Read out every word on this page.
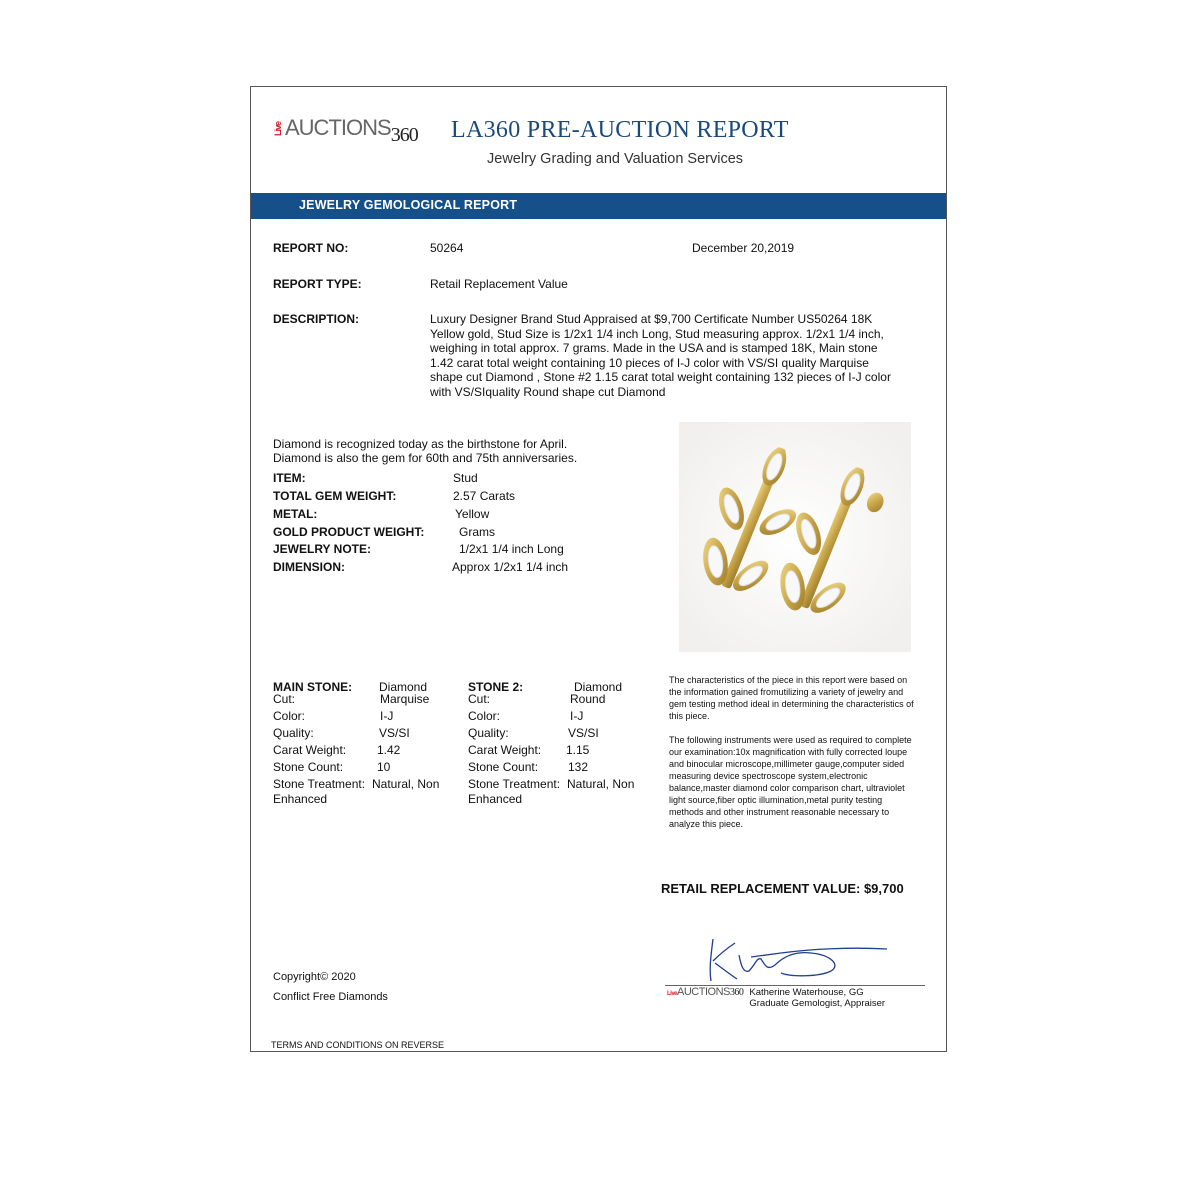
LiveAUCTIONS360 LA360 PRE-AUCTION REPORT
Jewelry Grading and Valuation Services
JEWELRY GEMOLOGICAL REPORT
REPORT NO:	50264	December 20,2019
REPORT TYPE:	Retail Replacement Value
DESCRIPTION:	Luxury Designer Brand Stud Appraised at $9,700 Certificate Number US50264 18K Yellow gold, Stud Size is 1/2x1 1/4 inch Long, Stud measuring approx. 1/2x1 1/4 inch, weighing in total approx. 7 grams. Made in the USA and is stamped 18K, Main stone 1.42 carat total weight containing 10 pieces of I-J color with VS/SI quality Marquise shape cut Diamond , Stone #2 1.15 carat total weight containing 132 pieces of I-J color with VS/SIquality Round shape cut Diamond
Diamond is recognized today as the birthstone for April.
Diamond is also the gem for 60th and 75th anniversaries.
ITEM:	Stud
TOTAL GEM WEIGHT:	2.57 Carats
METAL:	Yellow
GOLD PRODUCT WEIGHT:	Grams
JEWELRY NOTE:	1/2x1 1/4 inch Long
DIMENSION:	Approx 1/2x1 1/4 inch
MAIN STONE: Diamond
Cut:	Marquise
Color:	I-J
Quality:	VS/SI
Carat Weight:	1.42
Stone Count:	10
Stone Treatment: Natural, Non
Enhanced
STONE 2:	Diamond
Cut:	Round
Color:	I-J
Quality:	VS/SI
Carat Weight: 1.15
Stone Count: 132
Stone Treatment: Natural, Non
Enhanced
The characteristics of the piece in this report were based on the information gained fromutilizing a variety of jewelry and gem testing method ideal in determining the characteristics of this piece.
The following instruments were used as required to complete our examination:10x magnification with fully corrected loupe and binocular microscope,millimeter gauge,computer sided measuring device spectroscope system,electronic balance,master diamond color comparison chart, ultraviolet light source,fiber optic illumination,metal purity testing methods and other instrument reasonable necessary to analyze this piece.
RETAIL REPLACEMENT VALUE: $9,700
Copyright© 2020
Conflict Free Diamonds	LiveAUCTIONS360	Katherine Waterhouse, GG
Graduate Gemologist, Appraiser
TERMS AND CONDITIONS ON REVERSE
